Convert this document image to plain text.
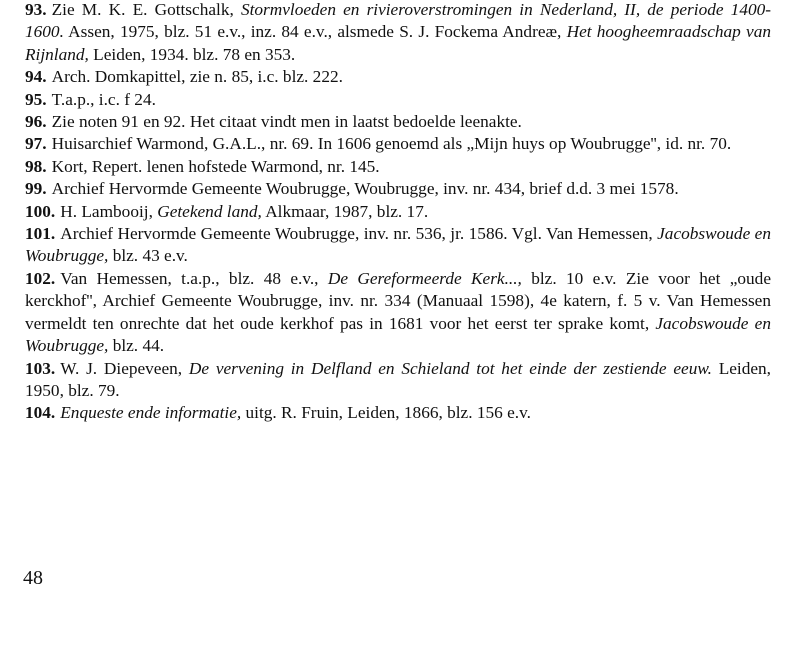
93. Zie M. K. E. Gottschalk, Stormvloeden en rivieroverstromingen in Nederland, II, de periode 1400-1600. Assen, 1975, blz. 51 e.v., inz. 84 e.v., alsmede S. J. Fockema Andreæ, Het hoogheemraadschap van Rijnland, Leiden, 1934. blz. 78 en 353.
94. Arch. Domkapittel, zie n. 85, i.c. blz. 222.
95. T.a.p., i.c. f 24.
96. Zie noten 91 en 92. Het citaat vindt men in laatst bedoelde leenakte.
97. Huisarchief Warmond, G.A.L., nr. 69. In 1606 genoemd als „Mijn huys op Woubrugge'', id. nr. 70.
98. Kort, Repert. lenen hofstede Warmond, nr. 145.
99. Archief Hervormde Gemeente Woubrugge, Woubrugge, inv. nr. 434, brief d.d. 3 mei 1578.
100. H. Lambooij, Getekend land, Alkmaar, 1987, blz. 17.
101. Archief Hervormde Gemeente Woubrugge, inv. nr. 536, jr. 1586. Vgl. Van Hemessen, Jacobswoude en Woubrugge, blz. 43 e.v.
102. Van Hemessen, t.a.p., blz. 48 e.v., De Gereformeerde Kerk..., blz. 10 e.v. Zie voor het „oude kerckhof'', Archief Gemeente Woubrugge, inv. nr. 334 (Manuaal 1598), 4e katern, f. 5 v. Van Hemessen vermeldt ten onrechte dat het oude kerkhof pas in 1681 voor het eerst ter sprake komt, Jacobswoude en Woubrugge, blz. 44.
103. W. J. Diepeveen, De vervening in Delfland en Schieland tot het einde der zestiende eeuw. Leiden, 1950, blz. 79.
104. Enqueste ende informatie, uitg. R. Fruin, Leiden, 1866, blz. 156 e.v.
48
